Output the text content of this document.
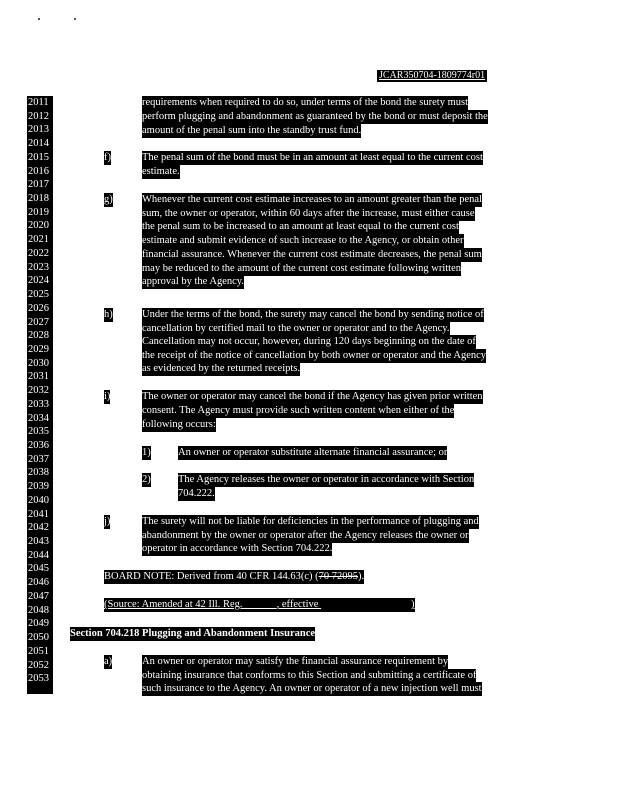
JCAR350704-1809774r01
2011
2012
2013
2014
2015
2016
2017
2018
2019
2020
2021
2022
2023
2024
2025
2026
2027
2028
2029
2030
2031
2032
2033
2034
2035
2036
2037
2038
2039
2040
2041
2042
2043
2044
2045
2046
2047
2048
2049
2050
2051
2052
2053
requirements when required to do so, under terms of the bond the surety must
perform plugging and abandonment as guaranteed by the bond or must deposit the
amount of the penal sum into the standby trust fund.
f)	The penal sum of the bond must be in an amount at least equal to the current cost
estimate.
g)	Whenever the current cost estimate increases to an amount greater than the penal
sum, the owner or operator, within 60 days after the increase, must either cause
the penal sum to be increased to an amount at least equal to the current cost
estimate and submit evidence of such increase to the Agency, or obtain other
financial assurance. Whenever the current cost estimate decreases, the penal sum
may be reduced to the amount of the current cost estimate following written
approval by the Agency.
h)	Under the terms of the bond, the surety may cancel the bond by sending notice of
cancellation by certified mail to the owner or operator and to the Agency.
Cancellation may not occur, however, during 120 days beginning on the date of
the receipt of the notice of cancellation by both owner or operator and the Agency
as evidenced by the returned receipts.
i)	The owner or operator may cancel the bond if the Agency has given prior written
consent. The Agency must provide such written content when either of the
following occurs:
1)	An owner or operator substitute alternate financial assurance; or
2)	The Agency releases the owner or operator in accordance with Section
704.222.
j)	The surety will not be liable for deficiencies in the performance of plugging and
abandonment by the owner or operator after the Agency releases the owner or
operator in accordance with Section 704.222.
BOARD NOTE: Derived from 40 CFR 144.63(c) (70 72095).
(Source: Amended at 42 Ill. Reg. ______, effective	)
Section 704.218 Plugging and Abandonment Insurance
a)	An owner or operator may satisfy the financial assurance requirement by
obtaining insurance that conforms to this Section and submitting a certificate of
such insurance to the Agency. An owner or operator of a new injection well must
